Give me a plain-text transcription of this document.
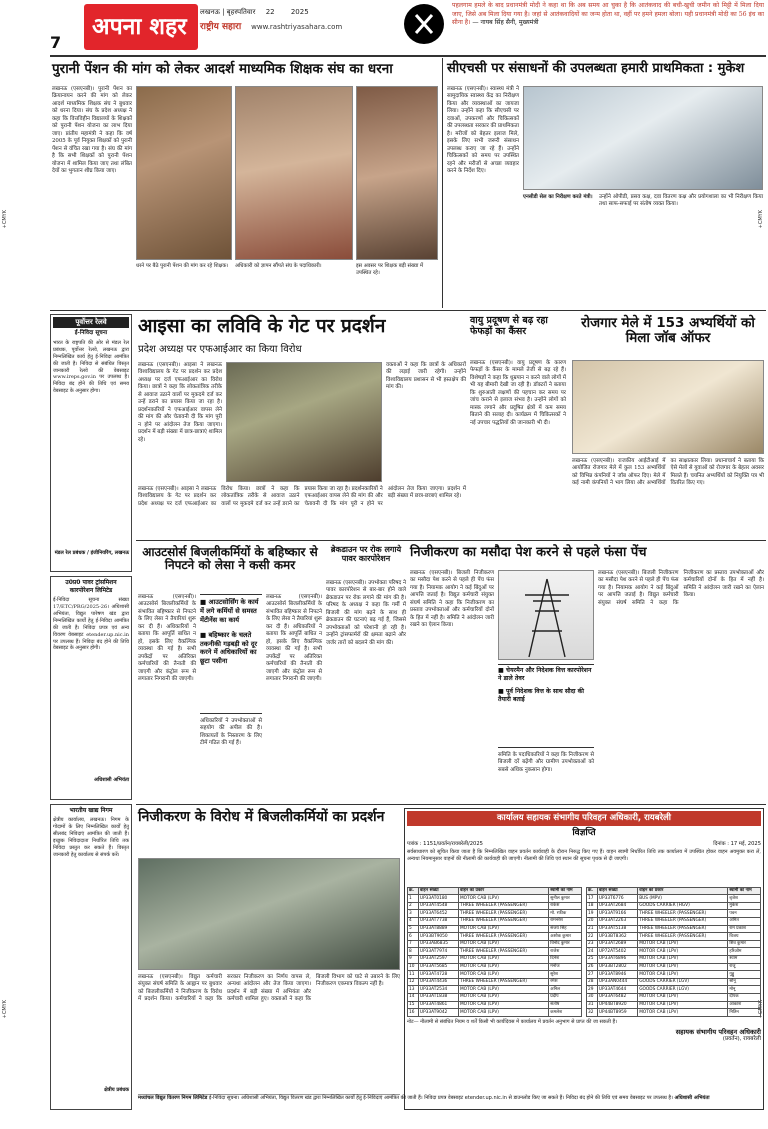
+CMYK
+CMYK
+CMYK
+CMYK
7
अपना शहर
लखनऊ | बृहस्पतिवार 22 2025
राष्ट्रीय सहारा www.rashtriyasahara.com
पहलगाम हमले के बाद प्रधानमंत्री मोदी ने कहा था कि अब समय आ चुका है कि आतंकवाद की बची-खुची जमीन को मिट्टी में मिला दिया जाए, जिसे अब मिला दिया गया है। जहां से आतंकवादियों का जन्म होता था, वहीं पर हमने हमला बोला। यही प्रधानमंत्री मोदी का 56 इंच का सीना है। — नायब सिंह सैनी, मुख्यमंत्री
पुरानी पेंशन की मांग को लेकर आदर्श माध्यमिक शिक्षक संघ का धरना
लखनऊ (एसएनबी)। पुरानी पेंशन का क्रियान्वयन करने की मांग को लेकर आदर्श माध्यमिक शिक्षक संघ ने बुधवार को धरना दिया। संघ के प्रदेश अध्यक्ष ने कहा कि वित्तविहीन विद्यालयों के शिक्षकों को पुरानी पेंशन योजना का लाभ दिया जाए। प्रांतीय महामंत्री ने कहा कि वर्ष 2005 के पूर्व नियुक्त शिक्षकों को पुरानी पेंशन से वंचित रखा गया है। संघ की मांग है कि सभी शिक्षकों को पुरानी पेंशन योजना में शामिल किया जाए तथा लंबित देयों का भुगतान शीघ्र किया जाए।
धरने पर बैठे पुरानी पेंशन की मांग कर रहे शिक्षक।	अधिकारी को ज्ञापन सौंपते संघ के पदाधिकारी।	इस अवसर पर शिक्षक बड़ी संख्या में उपस्थित रहे।
सीएचसी पर संसाधनों की उपलब्धता हमारी प्राथमिकता : मुकेश
लखनऊ (एसएनबी)। स्वास्थ्य मंत्री ने सामुदायिक स्वास्थ्य केंद्र का निरीक्षण किया और व्यवस्थाओं का जायजा लिया। उन्होंने कहा कि सीएचसी पर दवाओं, उपकरणों और चिकित्सकों की उपलब्धता सरकार की प्राथमिकता है। मरीजों को बेहतर इलाज मिले, इसके लिए सभी जरूरी संसाधन उपलब्ध कराए जा रहे हैं। उन्होंने चिकित्सकों को समय पर उपस्थित रहने और मरीजों से अच्छा व्यवहार करने के निर्देश दिए।
एनसीडी सेल का निरीक्षण करते मंत्री।	उन्होंने ओपीडी, प्रसव कक्ष, दवा वितरण कक्ष और प्रयोगशाला का भी निरीक्षण किया तथा साफ-सफाई पर संतोष व्यक्त किया।
पूर्वोत्तर रेलवे
ई-निविदा सूचना
भारत के राष्ट्रपति की ओर से मंडल रेल प्रबंधक, पूर्वोत्तर रेलवे, लखनऊ द्वारा निम्नलिखित कार्य हेतु ई-निविदा आमंत्रित की जाती है। निविदा से संबंधित विस्तृत जानकारी रेलवे की वेबसाइट www.ireps.gov.in पर उपलब्ध है। निविदा बंद होने की तिथि एवं समय वेबसाइट के अनुसार होगा।
मंडल रेल प्रबंधक / इंजीनियरिंग, लखनऊ
उ0प्र0 पावर ट्रांसमिशन कारपोरेशन लिमिटेड
ई-निविदा सूचना संख्या 17/ETC/PRG/2025-26। अधिशासी अभियंता, विद्युत पारेषण खंड द्वारा निम्नलिखित कार्यों हेतु ई-निविदा आमंत्रित की जाती है। निविदा प्रपत्र एवं अन्य विवरण वेबसाइट etender.up.nic.in पर उपलब्ध हैं। निविदा बंद होने की तिथि वेबसाइट के अनुसार होगी।
अधिशासी अभियंता
भारतीय खाद्य निगम
क्षेत्रीय कार्यालय, लखनऊ। निगम के गोदामों के लिए निम्नलिखित कार्यों हेतु सीलबंद निविदाएं आमंत्रित की जाती हैं। इच्छुक निविदादाता निर्धारित तिथि तक निविदा प्रस्तुत कर सकते हैं। विस्तृत जानकारी हेतु कार्यालय से संपर्क करें।
क्षेत्रीय प्रबंधक
आइसा का लविवि के गेट पर प्रदर्शन
प्रदेश अध्यक्ष पर एफआईआर का किया विरोध
लखनऊ (एसएनबी)। आइसा ने लखनऊ विश्वविद्यालय के गेट पर प्रदर्शन कर प्रदेश अध्यक्ष पर दर्ज एफआईआर का विरोध किया। छात्रों ने कहा कि लोकतांत्रिक तरीके से आवाज उठाने वालों पर मुकदमे दर्ज कर उन्हें डराने का प्रयास किया जा रहा है। प्रदर्शनकारियों ने एफआईआर वापस लेने की मांग की और चेतावनी दी कि मांग पूरी न होने पर आंदोलन तेज किया जाएगा। प्रदर्शन में बड़ी संख्या में छात्र-छात्राएं शामिल रहे।
वक्ताओं ने कहा कि छात्रों के अधिकारों की लड़ाई जारी रहेगी। उन्होंने विश्वविद्यालय प्रशासन से भी हस्तक्षेप की मांग की।
लखनऊ (एसएनबी)। आइसा ने लखनऊ विश्वविद्यालय के गेट पर प्रदर्शन कर प्रदेश अध्यक्ष पर दर्ज एफआईआर का विरोध किया। छात्रों ने कहा कि लोकतांत्रिक तरीके से आवाज उठाने वालों पर मुकदमे दर्ज कर उन्हें डराने का प्रयास किया जा रहा है। प्रदर्शनकारियों ने एफआईआर वापस लेने की मांग की और चेतावनी दी कि मांग पूरी न होने पर आंदोलन तेज किया जाएगा। प्रदर्शन में बड़ी संख्या में छात्र-छात्राएं शामिल रहे।
वायु प्रदूषण से बढ़ रहा फेफड़ों का कैंसर
लखनऊ (एसएनबी)। वायु प्रदूषण के कारण फेफड़ों के कैंसर के मामले तेजी से बढ़ रहे हैं। विशेषज्ञों ने कहा कि धूम्रपान न करने वाले लोगों में भी यह बीमारी देखी जा रही है। डॉक्टरों ने बताया कि शुरुआती लक्षणों की पहचान कर समय पर जांच कराने से इलाज संभव है। उन्होंने लोगों को मास्क लगाने और प्रदूषित क्षेत्रों में कम समय बिताने की सलाह दी। कार्यक्रम में चिकित्सकों ने नई उपचार पद्धतियों की जानकारी भी दी।
रोजगार मेले में 153 अभ्यर्थियों को मिला जॉब ऑफर
लखनऊ (एसएनबी)। राजकीय आईटीआई में आयोजित रोजगार मेले में कुल 153 अभ्यर्थियों को विभिन्न कंपनियों ने जॉब ऑफर दिए। मेले में कई नामी कंपनियों ने भाग लिया और अभ्यर्थियों का साक्षात्कार लिया। प्रधानाचार्य ने बताया कि ऐसे मेलों से युवाओं को रोजगार के बेहतर अवसर मिलते हैं। चयनित अभ्यर्थियों को नियुक्ति पत्र भी वितरित किए गए।
आउटसोर्स बिजलीकर्मियों के बहिष्कार से निपटने को लेसा ने कसी कमर
लखनऊ (एसएनबी)। आउटसोर्स बिजलीकर्मियों के संभावित बहिष्कार से निपटने के लिए लेसा ने तैयारियां शुरू कर दी हैं। अधिकारियों ने बताया कि आपूर्ति बाधित न हो, इसके लिए वैकल्पिक व्यवस्था की गई है। सभी उपकेंद्रों पर अतिरिक्त कर्मचारियों की तैनाती की जाएगी और कंट्रोल रूम से लगातार निगरानी की जाएगी।
■ आउटसोर्सिंग के कार्य में लगे कर्मियों से समस्त मेंटीनेंस का कार्य
■ बहिष्कार के चलते तकनीकी गड़बड़ी को दूर करने में अधिकारियों का छूटा पसीना
अधिकारियों ने उपभोक्ताओं से सहयोग की अपील की है। शिकायतों के निस्तारण के लिए टीमें गठित की गई हैं।
लखनऊ (एसएनबी)। आउटसोर्स बिजलीकर्मियों के संभावित बहिष्कार से निपटने के लिए लेसा ने तैयारियां शुरू कर दी हैं। अधिकारियों ने बताया कि आपूर्ति बाधित न हो, इसके लिए वैकल्पिक व्यवस्था की गई है। सभी उपकेंद्रों पर अतिरिक्त कर्मचारियों की तैनाती की जाएगी और कंट्रोल रूम से लगातार निगरानी की जाएगी।
ब्रेकडाउन पर रोक लगाये पावर कारपोरेशन
लखनऊ (एसएनबी)। उपभोक्ता परिषद ने पावर कारपोरेशन से बार-बार होने वाले ब्रेकडाउन पर रोक लगाने की मांग की है। परिषद के अध्यक्ष ने कहा कि गर्मी में बिजली की मांग बढ़ने के साथ ही ब्रेकडाउन की घटनाएं बढ़ गई हैं, जिससे उपभोक्ताओं को परेशानी हो रही है। उन्होंने ट्रांसफार्मरों की क्षमता बढ़ाने और जर्जर तारों को बदलने की मांग की।
निजीकरण का मसौदा पेश करने से पहले फंसा पेंच
लखनऊ (एसएनबी)। बिजली निजीकरण का मसौदा पेश करने से पहले ही पेंच फंस गया है। नियामक आयोग ने कई बिंदुओं पर आपत्ति जताई है। विद्युत कर्मचारी संयुक्त संघर्ष समिति ने कहा कि निजीकरण का प्रस्ताव उपभोक्ताओं और कर्मचारियों दोनों के हित में नहीं है। समिति ने आंदोलन जारी रखने का ऐलान किया।
■ चेयरमैन और निदेशक वित्त कारपोरेशन ने डाले तेवर
■ पूर्व निदेशक वित्त के साथ सौदा की तैयारी बताई
समिति के पदाधिकारियों ने कहा कि निजीकरण से बिजली दरें बढ़ेंगी और ग्रामीण उपभोक्ताओं को सबसे अधिक नुकसान होगा।
लखनऊ (एसएनबी)। बिजली निजीकरण का मसौदा पेश करने से पहले ही पेंच फंस गया है। नियामक आयोग ने कई बिंदुओं पर आपत्ति जताई है। विद्युत कर्मचारी संयुक्त संघर्ष समिति ने कहा कि निजीकरण का प्रस्ताव उपभोक्ताओं और कर्मचारियों दोनों के हित में नहीं है। समिति ने आंदोलन जारी रखने का ऐलान किया।
निजीकरण के विरोध में बिजलीकर्मियों का प्रदर्शन
लखनऊ (एसएनबी)। विद्युत कर्मचारी संयुक्त संघर्ष समिति के आह्वान पर बुधवार को बिजलीकर्मियों ने निजीकरण के विरोध में प्रदर्शन किया। कर्मचारियों ने कहा कि सरकार निजीकरण का निर्णय वापस ले, अन्यथा आंदोलन और तेज किया जाएगा। प्रदर्शन में बड़ी संख्या में अभियंता और कर्मचारी शामिल हुए। वक्ताओं ने कहा कि बिजली विभाग को घाटे से उबारने के लिए निजीकरण एकमात्र विकल्प नहीं है।
कार्यालय सहायक संभागीय परिवहन अधिकारी, रायबरेली
विज्ञप्ति
पत्रांक : 1151/प्रवर्तन/रायबरेली/2025	दिनांक : 17 मई, 2025
सर्वसाधारण को सूचित किया जाता है कि निम्नलिखित वाहन प्रवर्तन कार्यवाही के दौरान निरुद्ध किए गए हैं। वाहन स्वामी निर्धारित तिथि तक कार्यालय में उपस्थित होकर वाहन अवमुक्त करा लें, अन्यथा नियमानुसार वाहनों की नीलामी की कार्यवाही की जाएगी। नीलामी की तिथि एवं स्थान की सूचना पृथक से दी जाएगी।
क्र.	वाहन संख्या	वाहन का प्रकार	स्वामी का नाम
1	UP33AT0180	MOTOR CAB (LPV)	सुनील कुमार
2	UP33AT4548	THREE WHEELER (PASSENGER)	राकेश
3	UP33AT6452	THREE WHEELER (PASSENGER)	मो. रफीक
4	UP33AT7738	THREE WHEELER (PASSENGER)	रामनरेश
5	UP33AT8889	MOTOR CAB (LPV)	संजय सिंह
6	UP33BT9050	THREE WHEELER (PASSENGER)	अशोक कुमार
7	UP33AB6835	MOTOR CAB (LPV)	विनोद कुमार
8	UP33AT7974	THREE WHEELER (PASSENGER)	राजेश
9	UP33AT2597	MOTOR CAB (LPV)	दिनेश
10	UP33AT5685	MOTOR CAB (LPV)	मनोज
11	UP33AT4728	MOTOR CAB (LPV)	सुरेश
12	UP33AT4436	THREE WHEELER (PASSENGER)	रमेश
13	UP33AT2534	MOTOR CAB (LPV)	अनिल
14	UP33AT1838	MOTOR CAB (LPV)	प्रदीप
15	UP33AT4861	MOTOR CAB (LPV)	संतोष
16	UP33AT9042	MOTOR CAB (LPV)	कमलेश
क्र.	वाहन संख्या	वाहन का प्रकार	स्वामी का नाम
17	UP33T6776	BUS (MPV)	बृजेश
18	UP33AT2684	GOODS CARRIER (HGV)	मुकेश
19	UP33AT9166	THREE WHEELER (PASSENGER)	पवन
20	UP33AT2263	THREE WHEELER (PASSENGER)	अमित
21	UP33AT5138	THREE WHEELER (PASSENGER)	राम प्रकाश
22	UP33BT8362	THREE WHEELER (PASSENGER)	विजय
23	UP33AT2689	MOTOR CAB (LPV)	शिव कुमार
24	UP72AT5402	MOTOR CAB (LPV)	हरिओम
25	UP33AT6896	MOTOR CAB (LPV)	श्याम
26	UP33BT2802	MOTOR CAB (LPV)	राजू
27	UP33AT8946	MOTOR CAB (LPV)	गुड्डू
28	UP33AN0444	GOODS CARRIER (LGV)	सोनू
29	UP33AT4644	GOODS CARRIER (LGV)	मोनू
30	UP33AT6482	MOTOR CAB (LPV)	दीपक
31	UP44BT8920	MOTOR CAB (LPV)	आकाश
32	UP44BT8959	MOTOR CAB (LPV)	नितिन
नोट— नीलामी से संबंधित नियम व शर्तें किसी भी कार्यदिवस में कार्यालय में प्रवर्तन अनुभाग से प्राप्त की जा सकती हैं।
सहायक संभागीय परिवहन अधिकारी
(प्रवर्तन), रायबरेली
मध्यांचल विद्युत वितरण निगम लिमिटेड ई-निविदा सूचना। अधिशासी अभियंता, विद्युत वितरण खंड द्वारा निम्नलिखित कार्यों हेतु ई-निविदाएं आमंत्रित की जाती हैं। निविदा प्रपत्र वेबसाइट etender.up.nic.in से डाउनलोड किए जा सकते हैं। निविदा बंद होने की तिथि एवं समय वेबसाइट पर उपलब्ध है। अधिशासी अभियंता
